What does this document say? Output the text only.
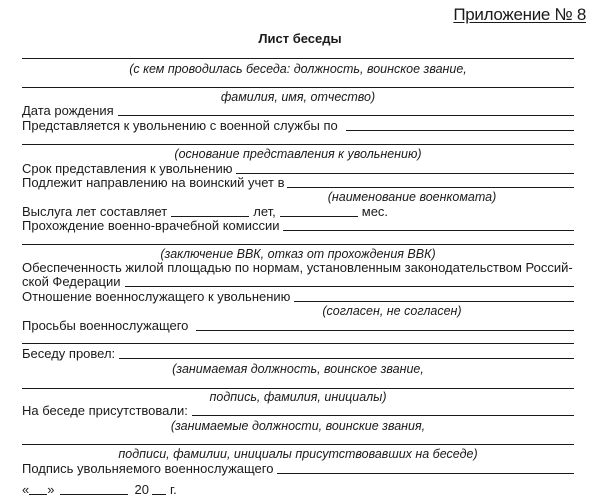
Приложение № 8
Лист беседы
(с кем проводилась беседа: должность, воинское звание,
фамилия, имя, отчество)
Дата рождения
Представляется к увольнению с военной службы по
(основание представления к увольнению)
Срок представления к увольнению
Подлежит направлению на воинский учет в
(наименование военкомата)
Выслуга лет составляет	лет,	мес.
Прохождение военно-врачебной комиссии
(заключение ВВК, отказ от прохождения ВВК)
Обеспеченность жилой площадью по нормам, установленным законодательством Россий-
ской Федерации
Отношение военнослужащего к увольнению
(согласен, не согласен)
Просьбы военнослужащего
Беседу провел:
(занимаемая должность, воинское звание,
подпись, фамилия, инициалы)
На беседе присутствовали:
(занимаемые должности, воинские звания,
подписи, фамилии, инициалы присутствовавших на беседе)
Подпись увольняемого военнослужащего
« »	20 г.
